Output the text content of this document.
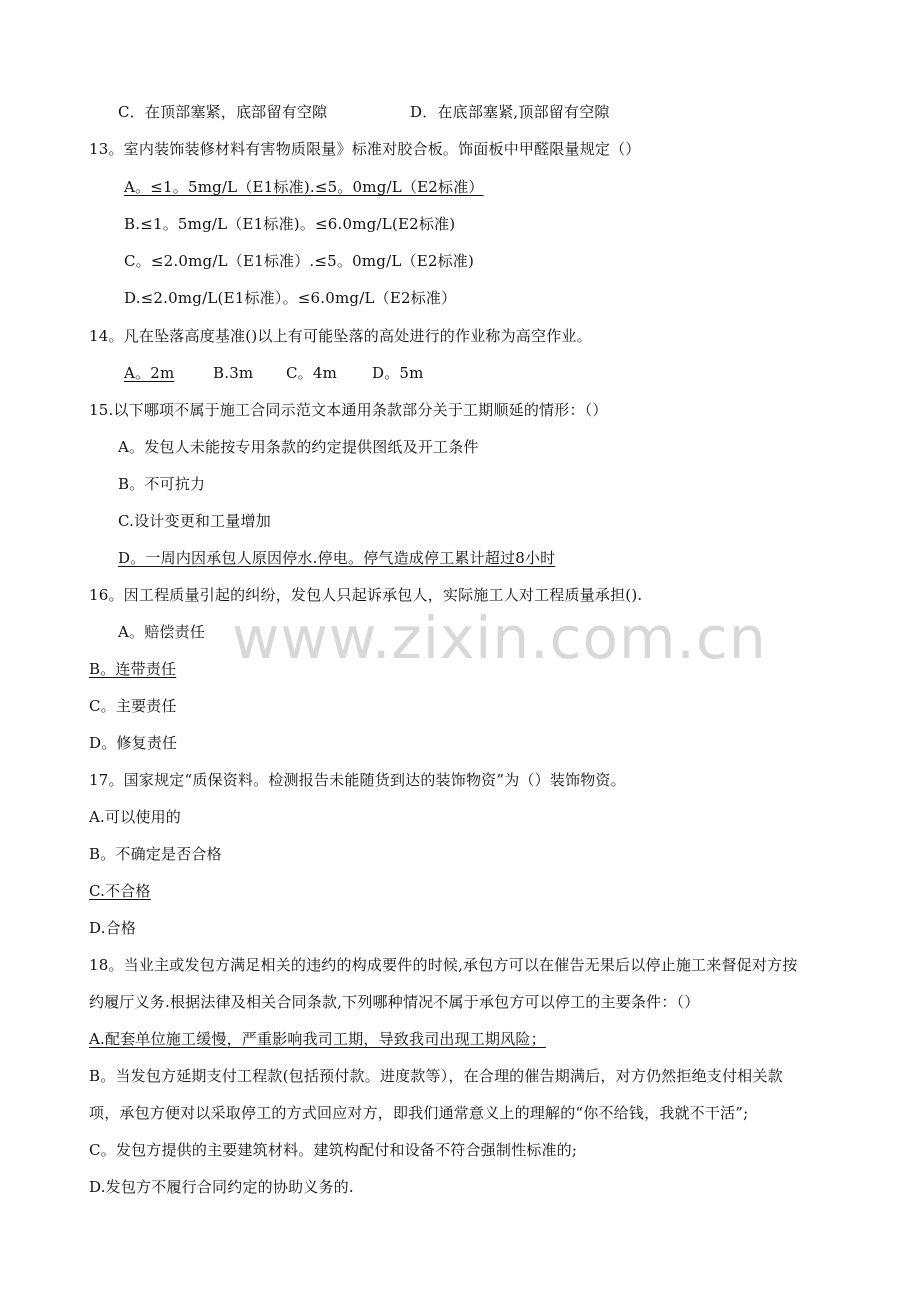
www.zixin.com.cn
C．在顶部塞紧，底部留有空隙	D．在底部塞紧,顶部留有空隙
13。室内装饰装修材料有害物质限量》标准对胶合板。饰面板中甲醛限量规定（）
A。≤1。5mg/L（E1标准).≤5。0mg/L（E2标准）
B.≤1。5mg/L（E1标准)。≤6.0mg/L(E2标准)
C。≤2.0mg/L（E1标准）.≤5。0mg/L（E2标准)
D.≤2.0mg/L(E1标准）。≤6.0mg/L（E2标准）
14。凡在坠落高度基准()以上有可能坠落的高处进行的作业称为高空作业。
A。2m	B.3m C。4m D。5m
15.以下哪项不属于施工合同示范文本通用条款部分关于工期顺延的情形：（）
A。发包人未能按专用条款的约定提供图纸及开工条件
B。不可抗力
C.设计变更和工量增加
D。一周内因承包人原因停水.停电。停气造成停工累计超过8小时
16。因工程质量引起的纠纷，发包人只起诉承包人，实际施工人对工程质量承担().
A。赔偿责任
B。连带责任
C。主要责任
D。修复责任
17。国家规定“质保资料。检测报告未能随货到达的装饰物资”为（）装饰物资。
A.可以使用的
B。不确定是否合格
C.不合格
D.合格
18。当业主或发包方满足相关的违约的构成要件的时候,承包方可以在催告无果后以停止施工来督促对方按
约履厅义务.根据法律及相关合同条款,下列哪种情况不属于承包方可以停工的主要条件：（）
A.配套单位施工缓慢，严重影响我司工期，导致我司出现工期风险；
B。当发包方延期支付工程款(包括预付款。进度款等），在合理的催告期满后，对方仍然拒绝支付相关款
项，承包方便对以采取停工的方式回应对方，即我们通常意义上的理解的“你不给钱，我就不干活”;
C。发包方提供的主要建筑材料。建筑构配付和设备不符合强制性标准的;
D.发包方不履行合同约定的协助义务的.
